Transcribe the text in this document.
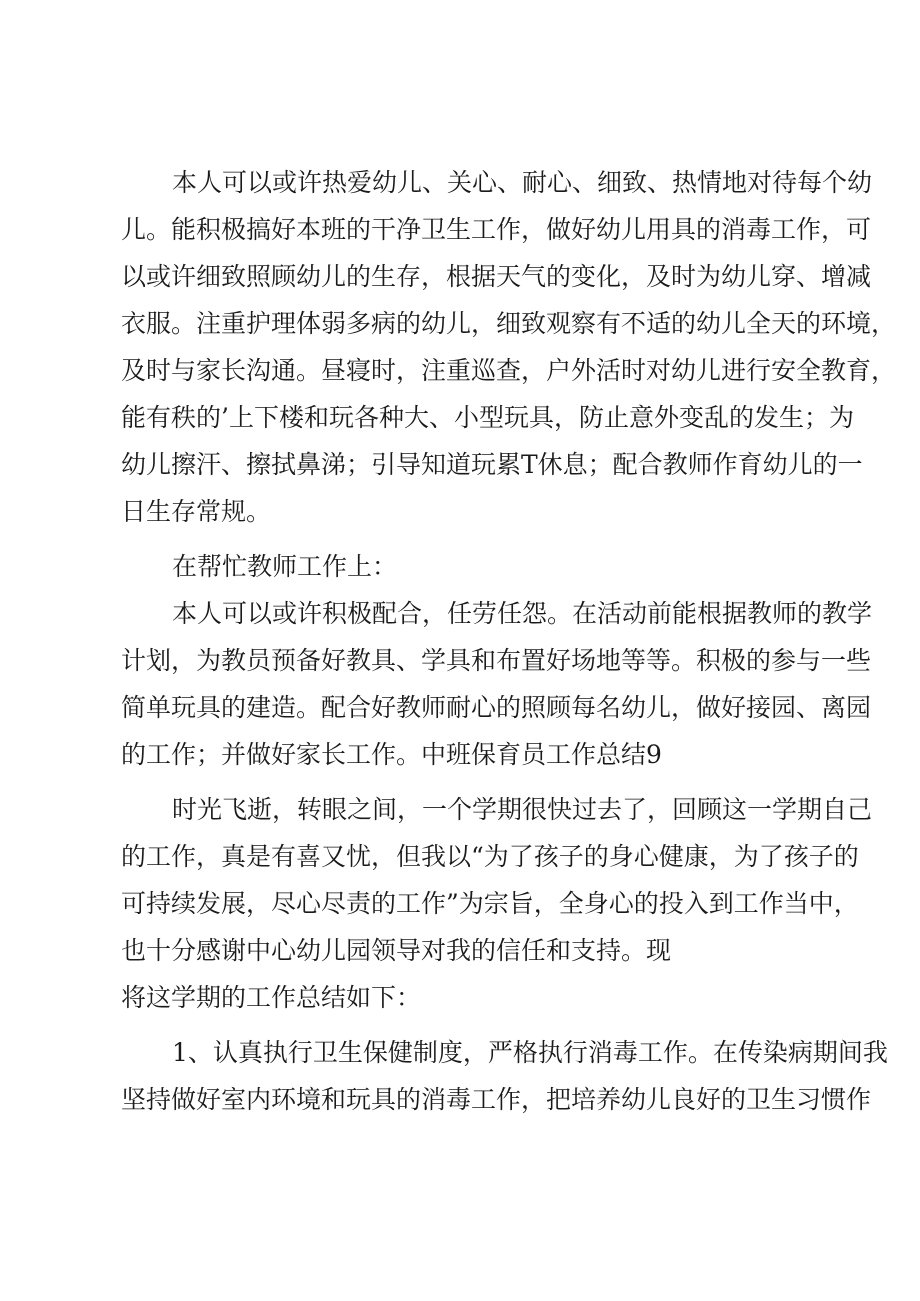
本人可以或许热爱幼儿、关心、耐心、细致、热情地对待每个幼
儿。能积极搞好本班的干净卫生工作，做好幼儿用具的消毒工作，可
以或许细致照顾幼儿的生存，根据天气的变化，及时为幼儿穿、增减
衣服。注重护理体弱多病的幼儿，细致观察有不适的幼儿全天的环境，
及时与家长沟通。昼寝时，注重巡查，户外活时对幼儿进行安全教育，
能有秩的’上下楼和玩各种大、小型玩具，防止意外变乱的发生；为
幼儿擦汗、擦拭鼻涕；引导知道玩累T休息；配合教师作育幼儿的一
日生存常规。
在帮忙教师工作上：
本人可以或许积极配合，任劳任怨。在活动前能根据教师的教学
计划，为教员预备好教具、学具和布置好场地等等。积极的参与一些
简单玩具的建造。配合好教师耐心的照顾每名幼儿，做好接园、离园
的工作；并做好家长工作。中班保育员工作总结9
时光飞逝，转眼之间，一个学期很快过去了，回顾这一学期自己
的工作，真是有喜又忧，但我以“为了孩子的身心健康，为了孩子的
可持续发展，尽心尽责的工作”为宗旨，全身心的投入到工作当中，
也十分感谢中心幼儿园领导对我的信任和支持。现
将这学期的工作总结如下：
1、认真执行卫生保健制度，严格执行消毒工作。在传染病期间我
坚持做好室内环境和玩具的消毒工作，把培养幼儿良好的卫生习惯作
